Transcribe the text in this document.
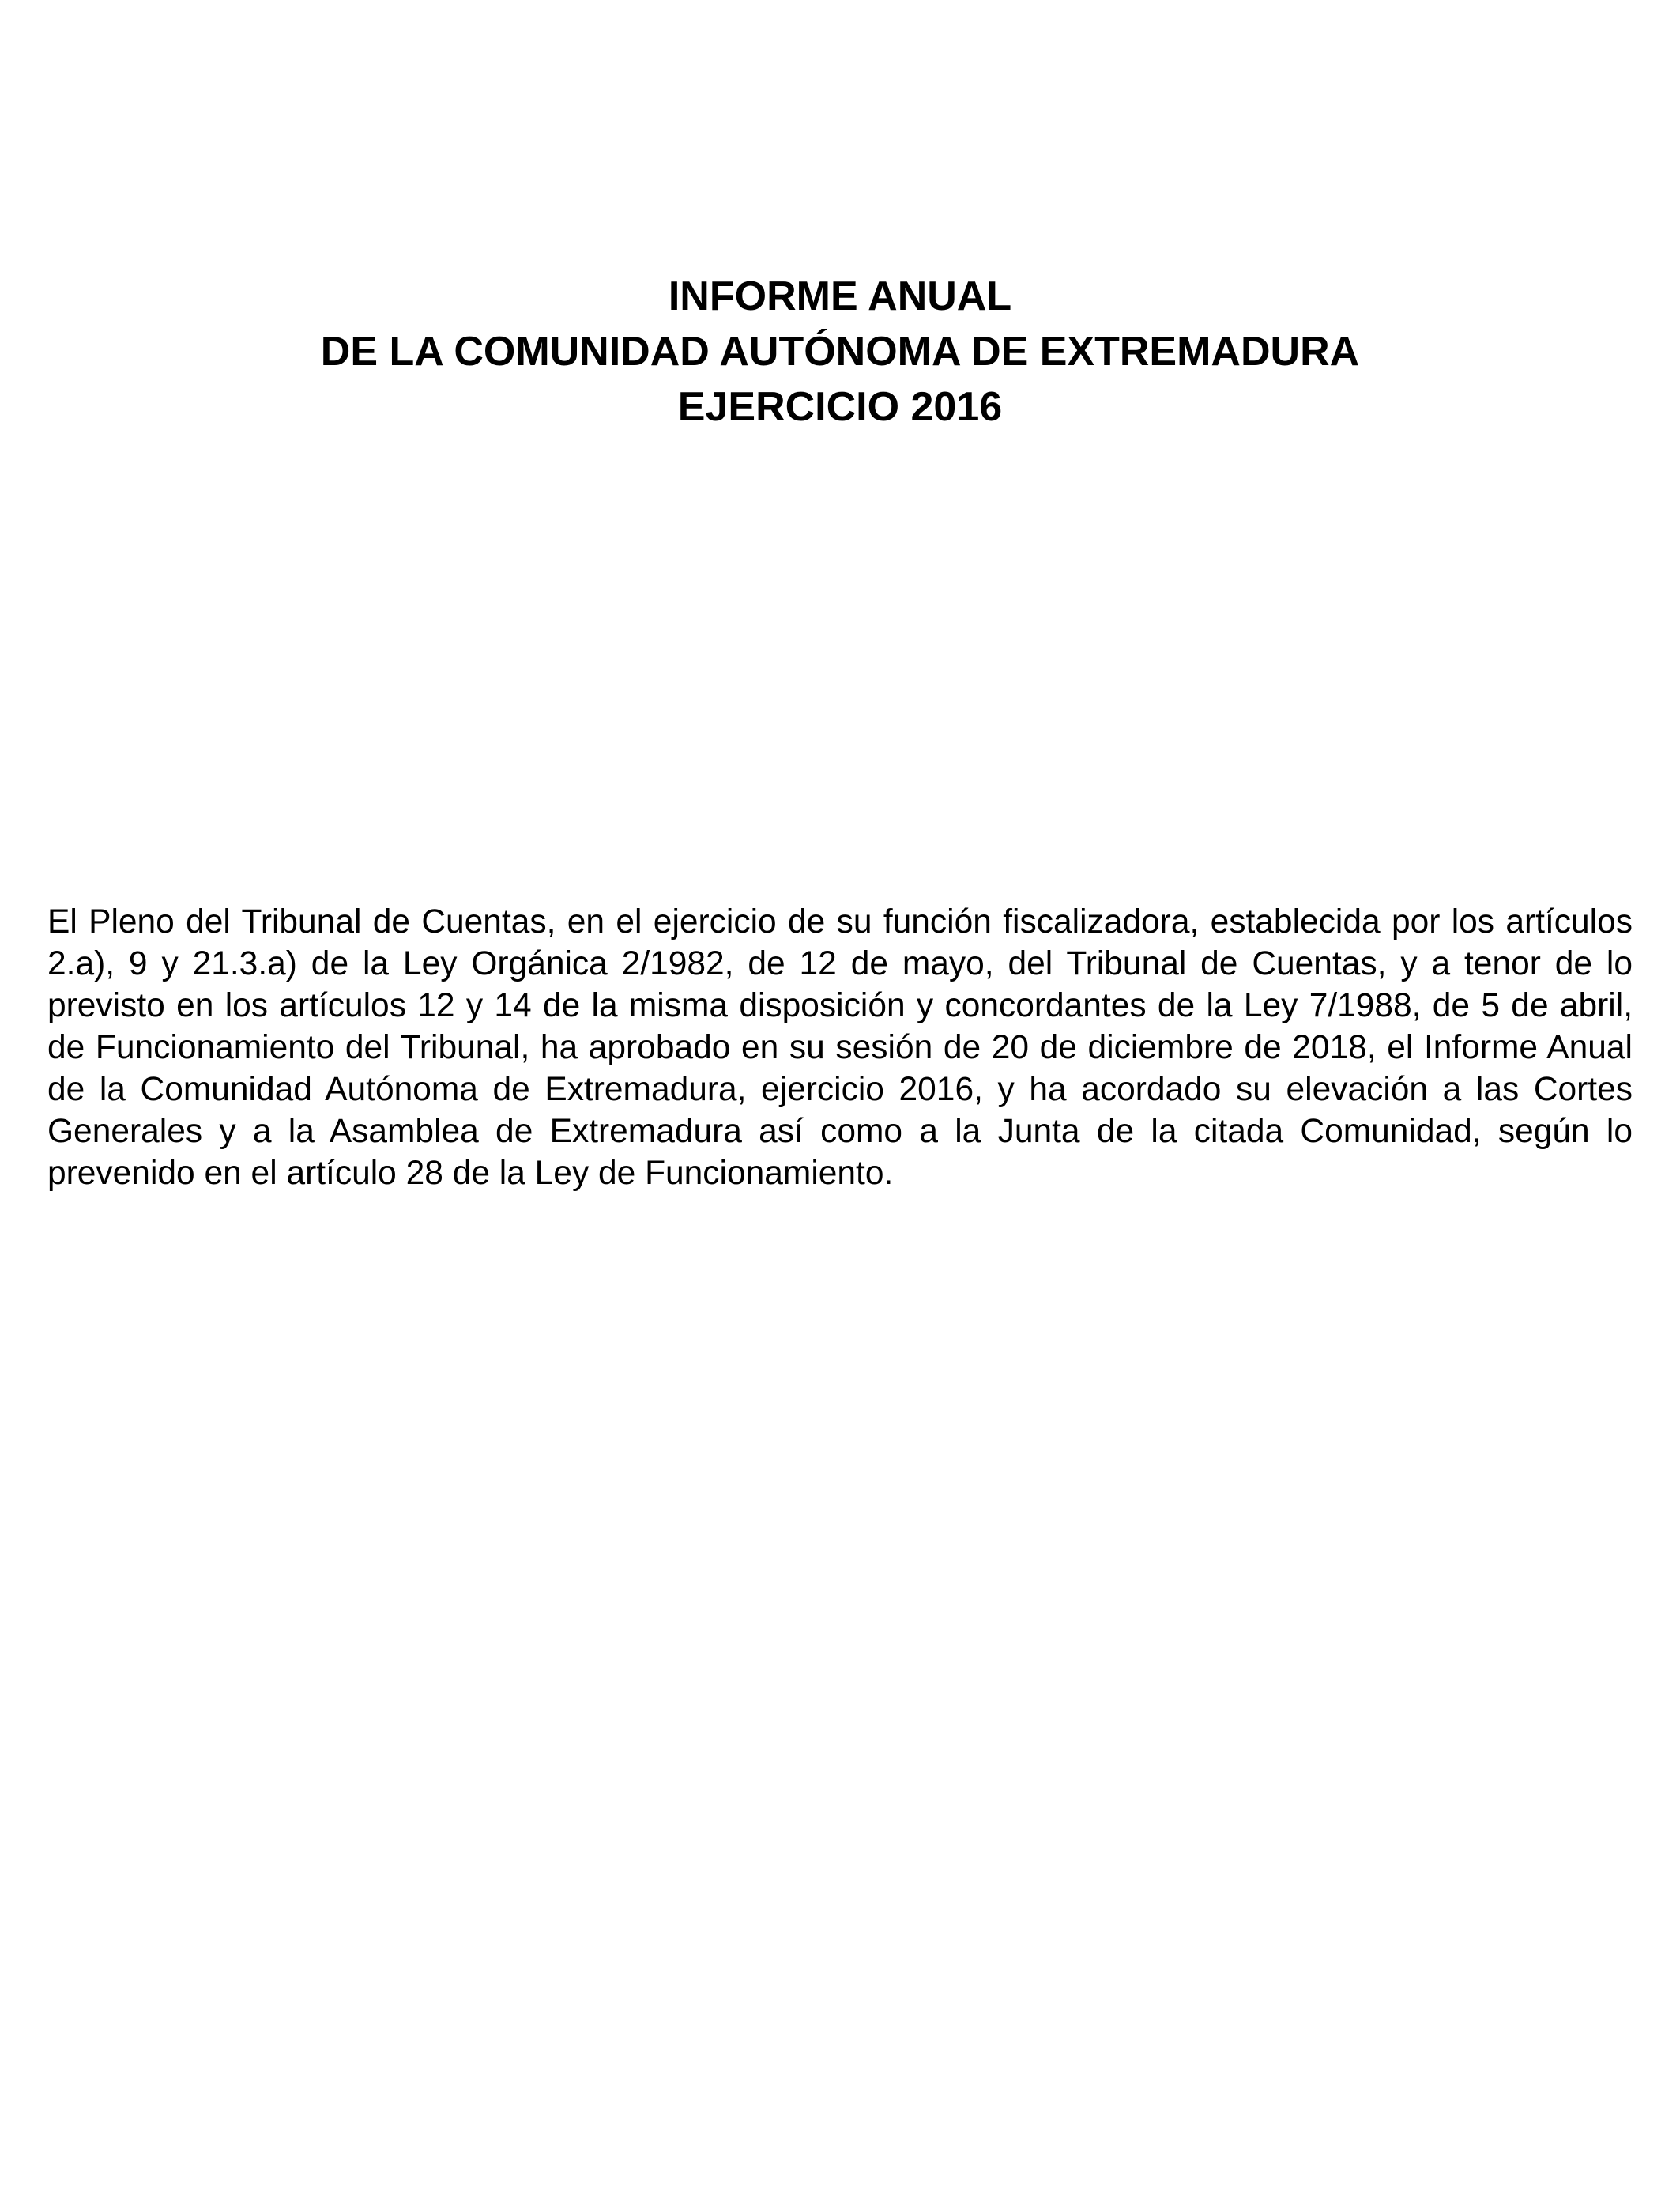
INFORME ANUAL

DE LA COMUNIDAD AUTÓNOMA DE EXTREMADURA

EJERCICIO 2016

El Pleno del Tribunal de Cuentas, en el ejercicio de su función fiscalizadora, establecida por los artículos 2.a), 9 y 21.3.a) de la Ley Orgánica 2/1982, de 12 de mayo, del Tribunal de Cuentas, y a tenor de lo previsto en los artículos 12 y 14 de la misma disposición y concordantes de la Ley 7/1988, de 5 de abril, de Funcionamiento del Tribunal, ha aprobado en su sesión de 20 de diciembre de 2018, el Informe Anual de la Comunidad Autónoma de Extremadura, ejercicio 2016, y ha acordado su elevación a las Cortes Generales y a la Asamblea de Extremadura así como a la Junta de la citada Comunidad, según lo prevenido en el artículo 28 de la Ley de Funcionamiento.
